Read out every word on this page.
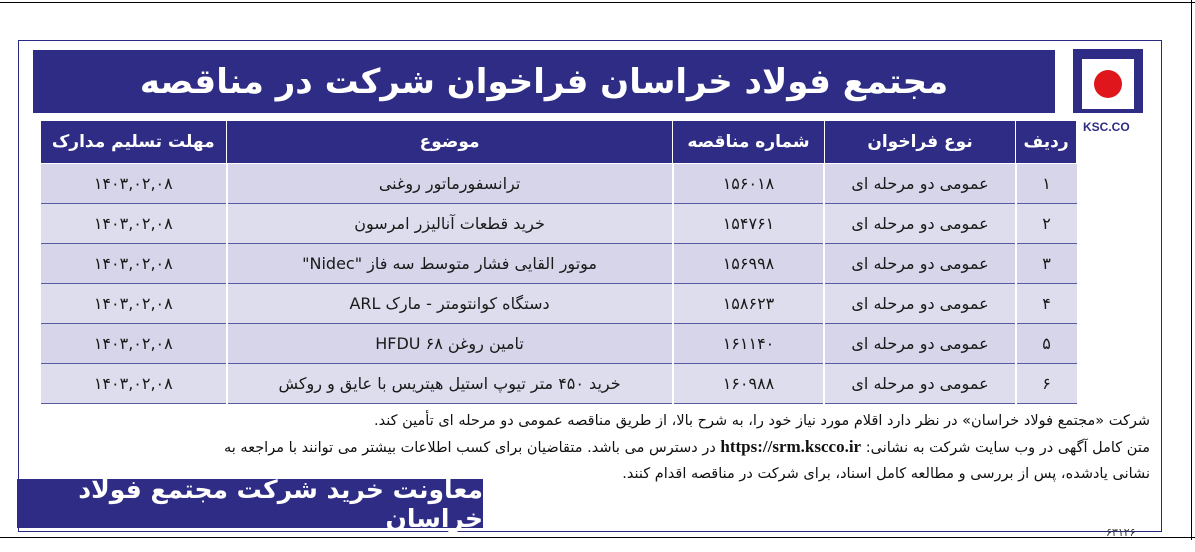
مجتمع فولاد خراسان فراخوان شرکت در مناقصه
KSC.CO
ردیف	نوع فراخوان	شماره مناقصه	موضوع	مهلت تسلیم مدارک
۱	عمومی دو مرحله ای	۱۵۶۰۱۸	ترانسفورماتور روغنی	۱۴۰۳,۰۲,۰۸
۲	عمومی دو مرحله ای	۱۵۴۷۶۱	خرید قطعات آنالیزر امرسون	۱۴۰۳,۰۲,۰۸
۳	عمومی دو مرحله ای	۱۵۶۹۹۸	موتور القایی فشار متوسط سه فاز "Nidec"	۱۴۰۳,۰۲,۰۸
۴	عمومی دو مرحله ای	۱۵۸۶۲۳	دستگاه کوانتومتر - مارک ARL	۱۴۰۳,۰۲,۰۸
۵	عمومی دو مرحله ای	۱۶۱۱۴۰	تامین روغن ۶۸ HFDU	۱۴۰۳,۰۲,۰۸
۶	عمومی دو مرحله ای	۱۶۰۹۸۸	خرید ۴۵۰ متر تیوپ استیل هیتریس با عایق و روکش	۱۴۰۳,۰۲,۰۸
شرکت «مجتمع فولاد خراسان» در نظر دارد اقلام مورد نیاز خود را، به شرح بالا، از طریق مناقصه عمومی دو مرحله ای تأمین کند.
متن کامل آگهی در وب سایت شرکت به نشانی: https://srm.kscco.ir در دسترس می باشد. متقاضیان برای کسب اطلاعات بیشتر می توانند با مراجعه به
نشانی یادشده، پس از بررسی و مطالعه کامل اسناد، برای شرکت در مناقصه اقدام کنند.
معاونت خرید شرکت مجتمع فولاد خراسان	۶۳۱۲۶
